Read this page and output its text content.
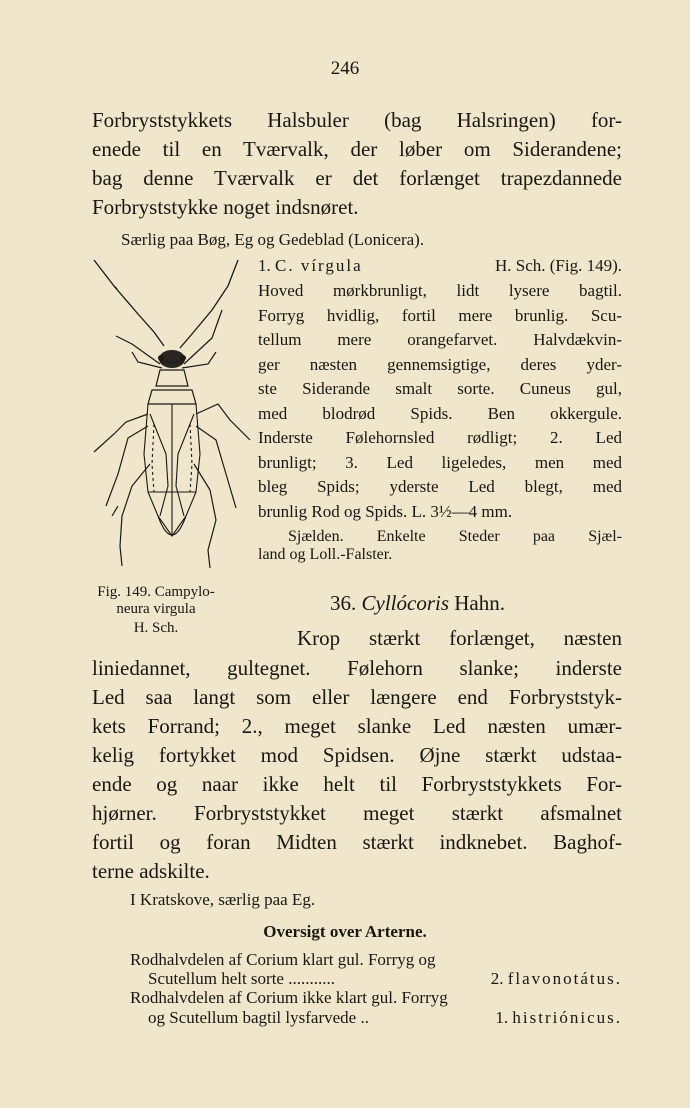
246
Forbryststykkets Halsbuler (bag Halsringen) for-
enede til en Tværvalk, der løber om Siderandene;
bag denne Tværvalk er det forlænget trapezdannede
Forbryststykke noget indsnøret.
Særlig paa Bøg, Eg og Gedeblad (Lonicera).
1. C. vírgula	H. Sch. (Fig. 149).
Hoved mørkbrunligt, lidt lysere bagtil.
Forryg hvidlig, fortil mere brunlig. Scu-
tellum mere orangefarvet. Halvdækvin-
ger næsten gennemsigtige, deres yder-
ste Siderande smalt sorte. Cuneus gul,
med blodrød Spids. Ben okkergule.
Inderste Følehornsled rødligt; 2. Led
brunligt; 3. Led ligeledes, men med
bleg Spids; yderste Led blegt, med
brunlig Rod og Spids. L. 3½—4 mm.
Sjælden. Enkelte Steder paa Sjæl-
land og Loll.-Falster.
Fig. 149. Campylo-
neura virgula
H. Sch.
36. Cyllócoris Hahn.
Krop stærkt forlænget, næsten
liniedannet, gultegnet. Følehorn slanke; inderste
Led saa langt som eller længere end Forbryststyk-
kets Forrand; 2., meget slanke Led næsten umær-
kelig fortykket mod Spidsen. Øjne stærkt udstaa-
ende og naar ikke helt til Forbryststykkets For-
hjørner. Forbryststykket meget stærkt afsmalnet
fortil og foran Midten stærkt indknebet. Baghof-
terne adskilte.
I Kratskove, særlig paa Eg.
Oversigt over Arterne.
Rodhalvdelen af Corium klart gul. Forryg og
Scutellum helt sorte ...........	2. flavonotátus.
Rodhalvdelen af Corium ikke klart gul. Forryg
og Scutellum bagtil lysfarvede ..	1. histriónicus.
